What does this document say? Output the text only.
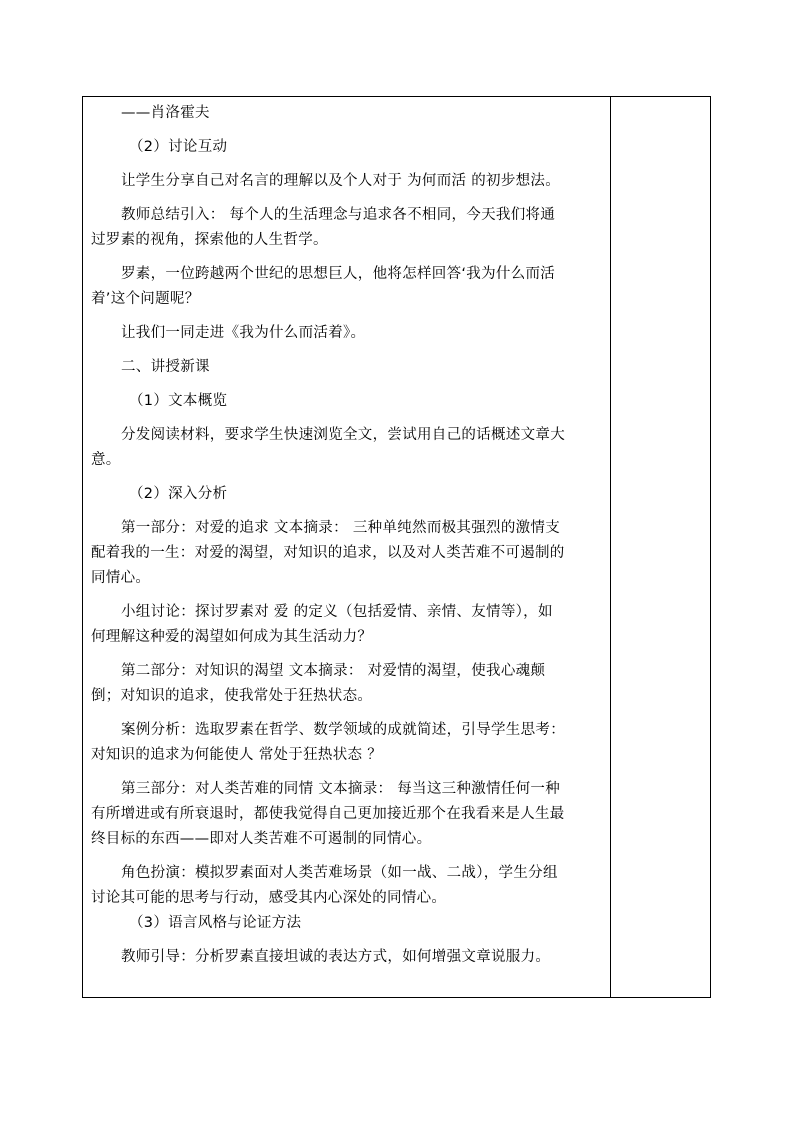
——肖洛霍夫
（2）讨论互动
让学生分享自己对名言的理解以及个人对于 为何而活 的初步想法。
教师总结引入： 每个人的生活理念与追求各不相同，今天我们将通
过罗素的视角，探索他的人生哲学。
罗素，一位跨越两个世纪的思想巨人，他将怎样回答‘我为什么而活
着’这个问题呢？
让我们一同走进《我为什么而活着》。
二、讲授新课
（1）文本概览
分发阅读材料，要求学生快速浏览全文，尝试用自己的话概述文章大
意。
（2）深入分析
第一部分：对爱的追求 文本摘录： 三种单纯然而极其强烈的激情支
配着我的一生：对爱的渴望，对知识的追求，以及对人类苦难不可遏制的
同情心。
小组讨论：探讨罗素对 爱 的定义（包括爱情、亲情、友情等），如
何理解这种爱的渴望如何成为其生活动力？
第二部分：对知识的渴望 文本摘录： 对爱情的渴望，使我心魂颠
倒；对知识的追求，使我常处于狂热状态。
案例分析：选取罗素在哲学、数学领域的成就简述，引导学生思考：
对知识的追求为何能使人 常处于狂热状态 ？
第三部分：对人类苦难的同情 文本摘录： 每当这三种激情任何一种
有所增进或有所衰退时，都使我觉得自己更加接近那个在我看来是人生最
终目标的东西——即对人类苦难不可遏制的同情心。
角色扮演：模拟罗素面对人类苦难场景（如一战、二战），学生分组
讨论其可能的思考与行动，感受其内心深处的同情心。
（3）语言风格与论证方法
教师引导：分析罗素直接坦诚的表达方式，如何增强文章说服力。
